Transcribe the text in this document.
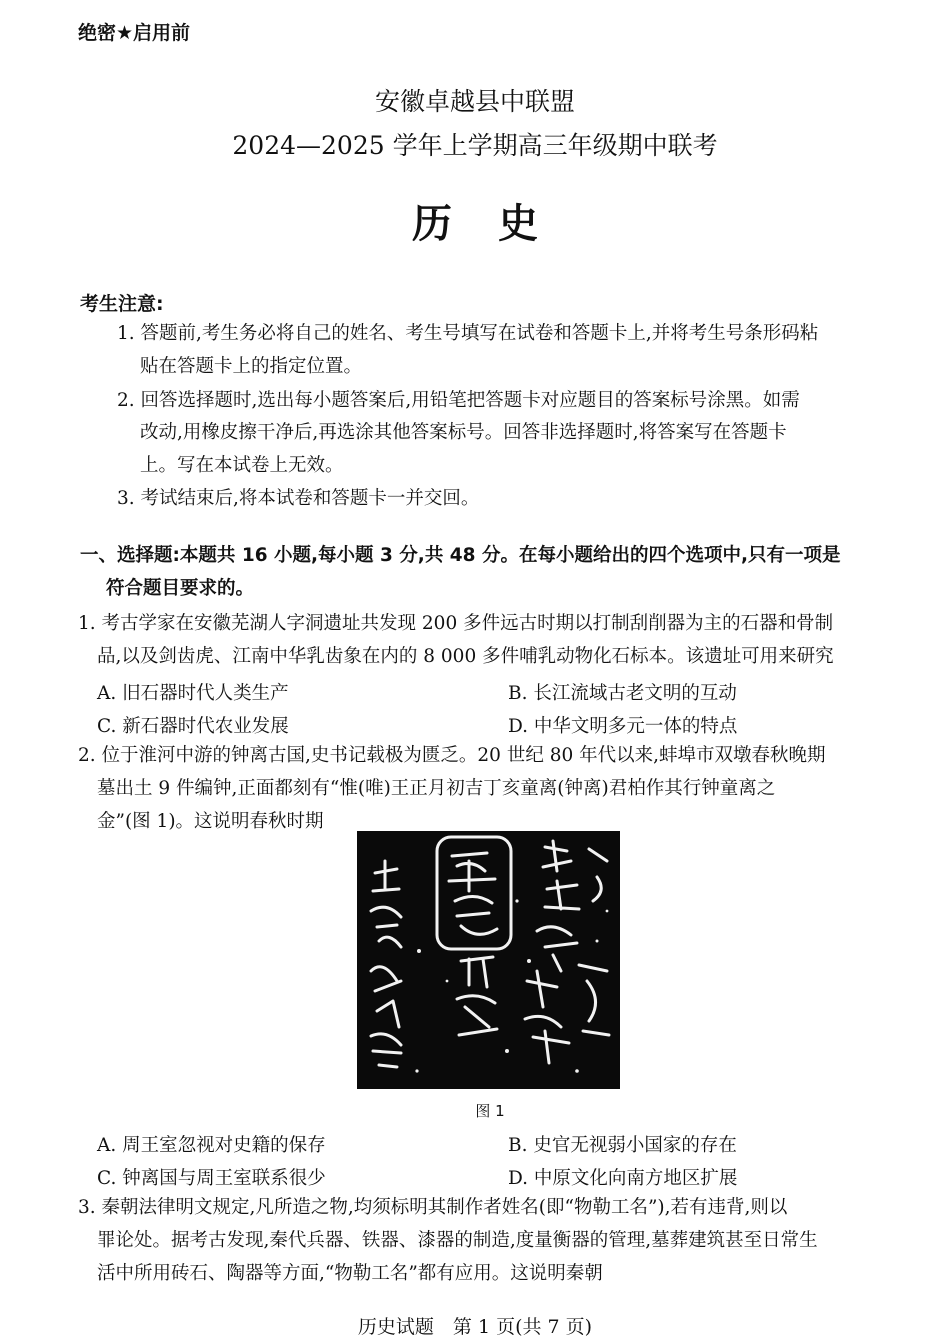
绝密★启用前
安徽卓越县中联盟
2024—2025 学年上学期高三年级期中联考
历史
考生注意:
1. 答题前,考生务必将自己的姓名、考生号填写在试卷和答题卡上,并将考生号条形码粘
贴在答题卡上的指定位置。
2. 回答选择题时,选出每小题答案后,用铅笔把答题卡对应题目的答案标号涂黑。如需
改动,用橡皮擦干净后,再选涂其他答案标号。回答非选择题时,将答案写在答题卡
上。写在本试卷上无效。
3. 考试结束后,将本试卷和答题卡一并交回。
一、选择题:本题共 16 小题,每小题 3 分,共 48 分。在每小题给出的四个选项中,只有一项是
符合题目要求的。
1. 考古学家在安徽芜湖人字洞遗址共发现 200 多件远古时期以打制刮削器为主的石器和骨制
品,以及剑齿虎、江南中华乳齿象在内的 8 000 多件哺乳动物化石标本。该遗址可用来研究
A. 旧石器时代人类生产	B. 长江流域古老文明的互动
C. 新石器时代农业发展	D. 中华文明多元一体的特点
2. 位于淮河中游的钟离古国,史书记载极为匮乏。20 世纪 80 年代以来,蚌埠市双墩春秋晚期
墓出土 9 件编钟,正面都刻有“惟(唯)王正月初吉丁亥童离(钟离)君柏作其行钟童离之
金”(图 1)。这说明春秋时期
图 1
A. 周王室忽视对史籍的保存	B. 史官无视弱小国家的存在
C. 钟离国与周王室联系很少	D. 中原文化向南方地区扩展
3. 秦朝法律明文规定,凡所造之物,均须标明其制作者姓名(即“物勒工名”),若有违背,则以
罪论处。据考古发现,秦代兵器、铁器、漆器的制造,度量衡器的管理,墓葬建筑甚至日常生
活中所用砖石、陶器等方面,“物勒工名”都有应用。这说明秦朝
历史试题　第 1 页(共 7 页)
